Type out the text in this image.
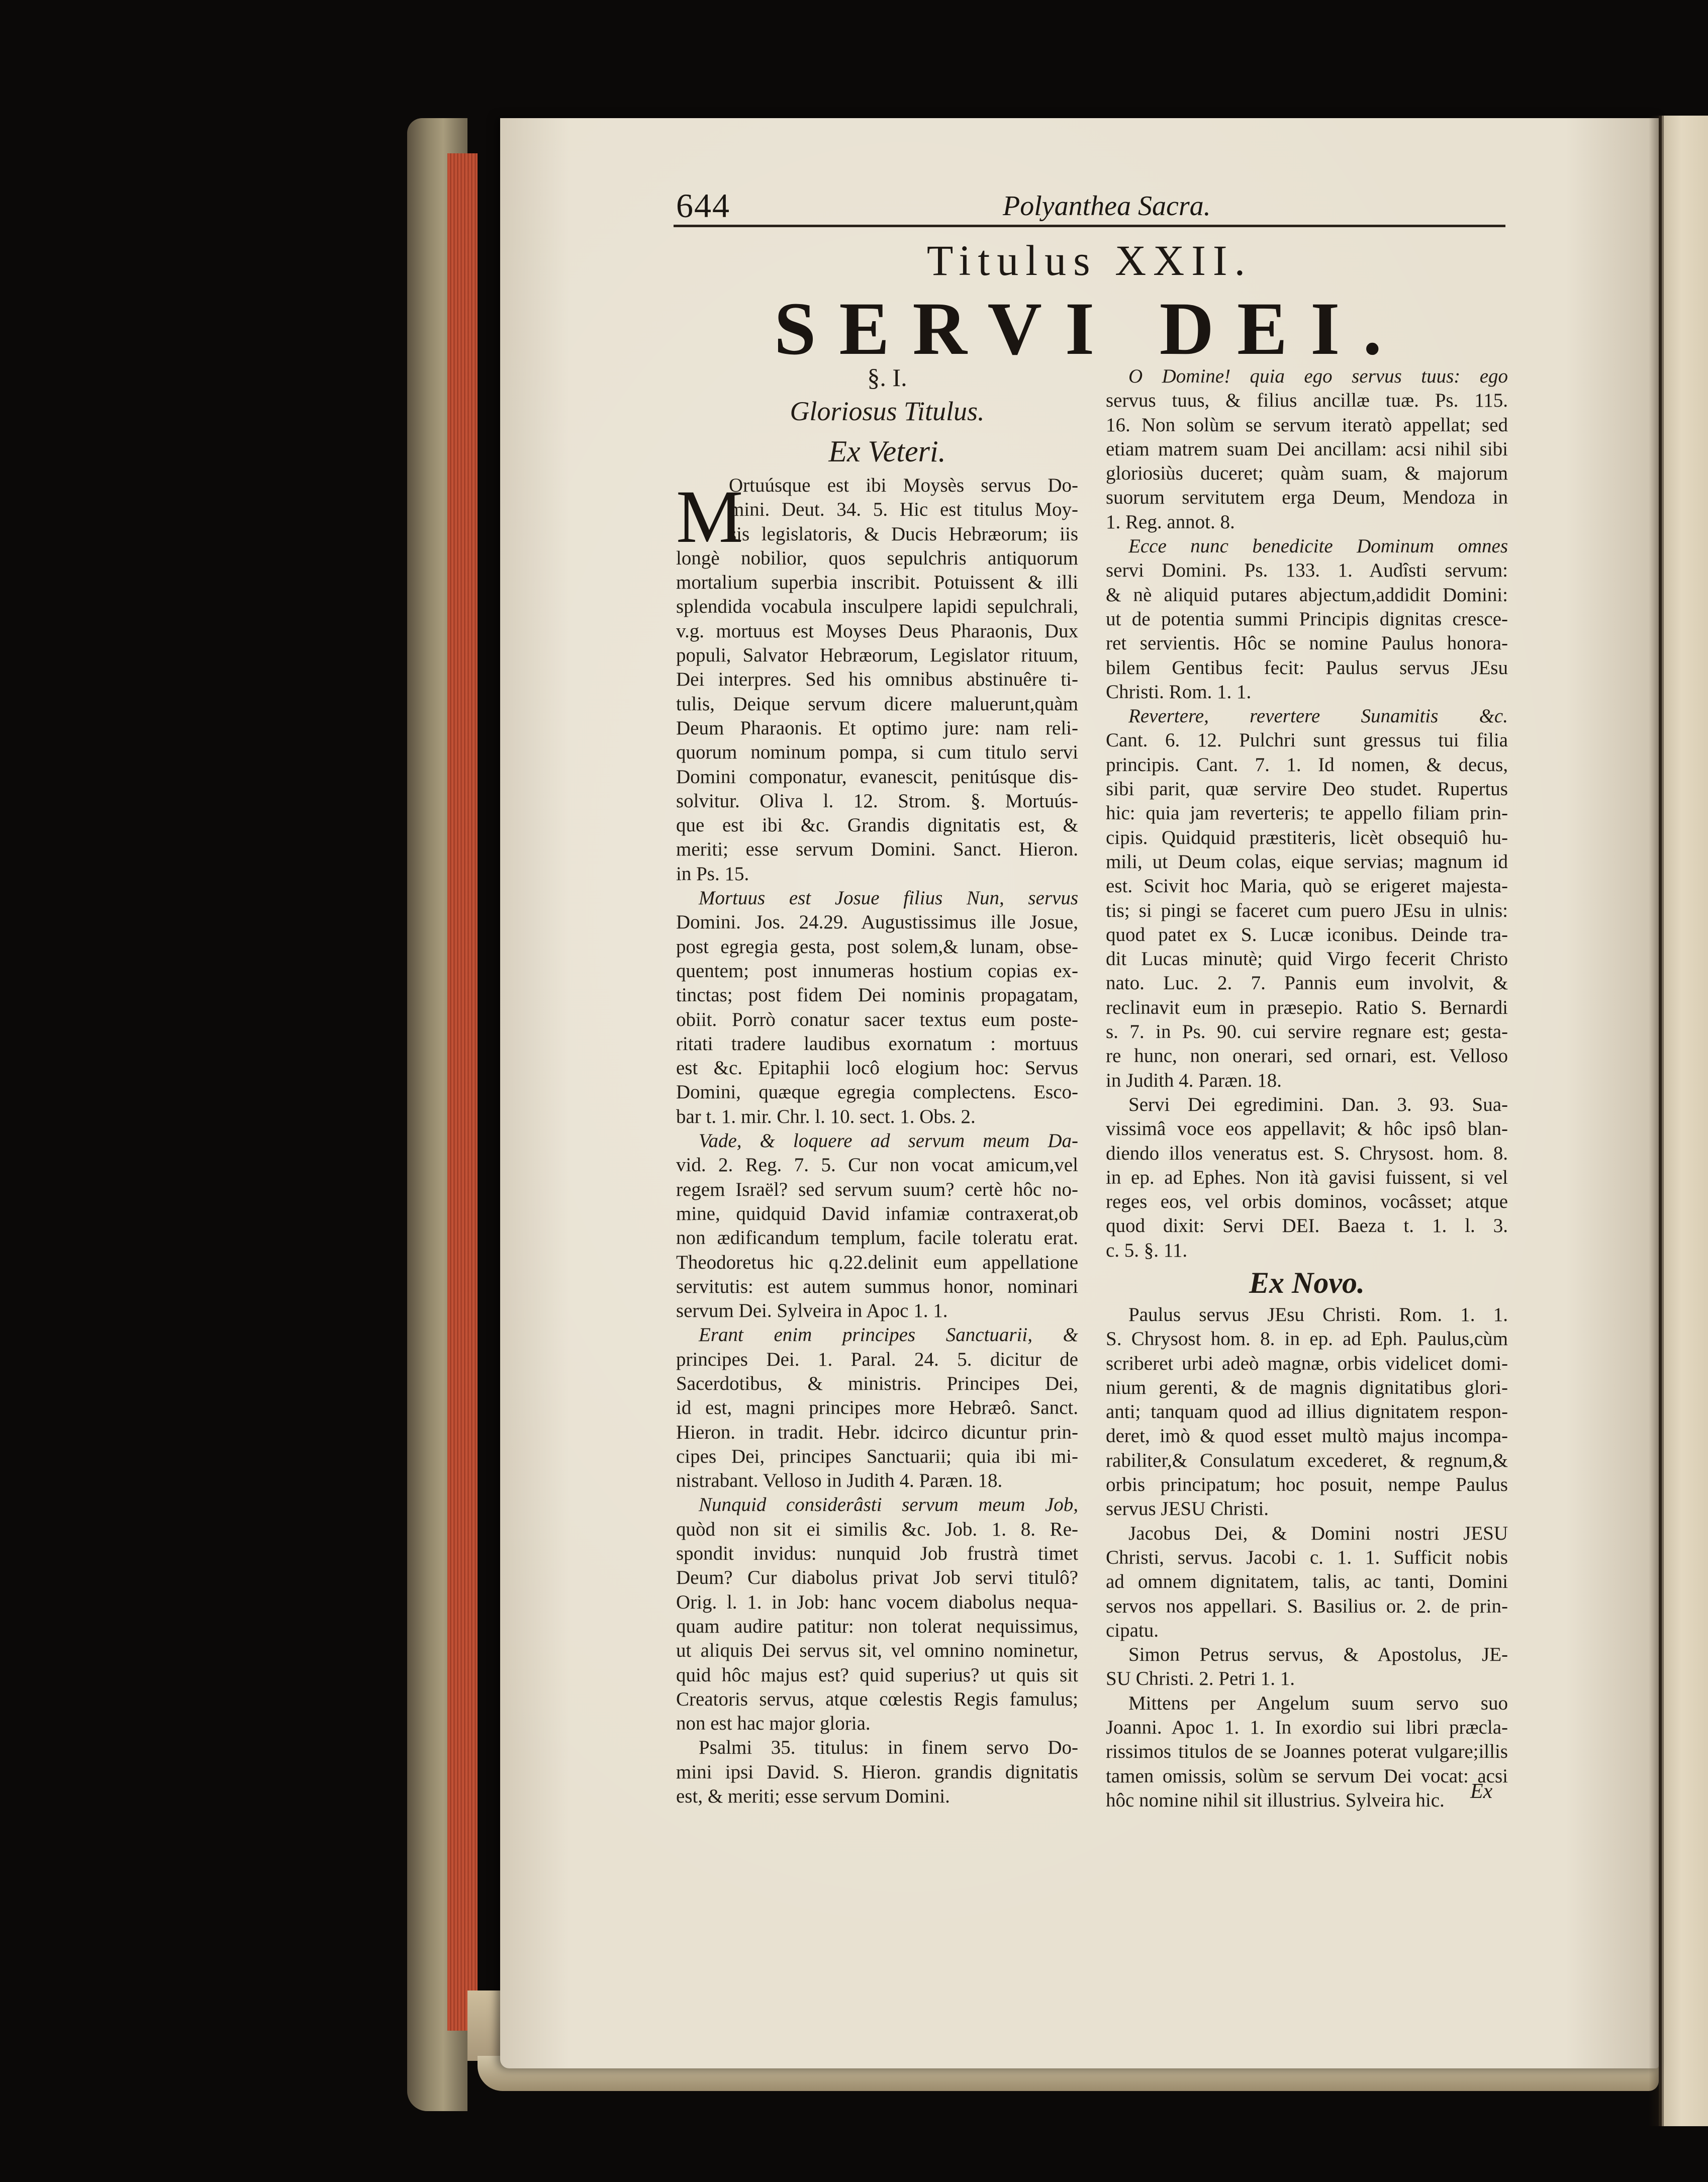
644	Polyanthea Sacra.
Titulus XXII.
SERVI DEI.
§. I.
Gloriosus Titulus.
Ex Veteri.
M
Ortuúsque est ibi Moysès servus Do-
mini. Deut. 34. 5. Hic est titulus Moy-
sis legislatoris, & Ducis Hebræorum; iis
longè nobilior, quos sepulchris antiquorum
mortalium superbia inscribit. Potuissent & illi
splendida vocabula insculpere lapidi sepulchrali,
v.g. mortuus est Moyses Deus Pharaonis, Dux
populi, Salvator Hebræorum, Legislator rituum,
Dei interpres. Sed his omnibus abstinuêre ti-
tulis, Deique servum dicere maluerunt,quàm
Deum Pharaonis. Et optimo jure: nam reli-
quorum nominum pompa, si cum titulo servi
Domini componatur, evanescit, penitúsque dis-
solvitur. Oliva l. 12. Strom. §. Mortuús-
que est ibi &c. Grandis dignitatis est, &
meriti; esse servum Domini. Sanct. Hieron.
in Ps. 15.
Mortuus est Josue filius Nun, servus
Domini. Jos. 24.29. Augustissimus ille Josue,
post egregia gesta, post solem,& lunam, obse-
quentem; post innumeras hostium copias ex-
tinctas; post fidem Dei nominis propagatam,
obiit. Porrò conatur sacer textus eum poste-
ritati tradere laudibus exornatum : mortuus
est &c. Epitaphii locô elogium hoc: Servus
Domini, quæque egregia complectens. Esco-
bar t. 1. mir. Chr. l. 10. sect. 1. Obs. 2.
Vade, & loquere ad servum meum Da-
vid. 2. Reg. 7. 5. Cur non vocat amicum,vel
regem Israël? sed servum suum? certè hôc no-
mine, quidquid David infamiæ contraxerat,ob
non ædificandum templum, facile toleratu erat.
Theodoretus hic q.22.delinit eum appellatione
servitutis: est autem summus honor, nominari
servum Dei. Sylveira in Apoc 1. 1.
Erant enim principes Sanctuarii, &
principes Dei. 1. Paral. 24. 5. dicitur de
Sacerdotibus, & ministris. Principes Dei,
id est, magni principes more Hebræô. Sanct.
Hieron. in tradit. Hebr. idcirco dicuntur prin-
cipes Dei, principes Sanctuarii; quia ibi mi-
nistrabant. Velloso in Judith 4. Paræn. 18.
Nunquid considerâsti servum meum Job,
quòd non sit ei similis &c. Job. 1. 8. Re-
spondit invidus: nunquid Job frustrà timet
Deum? Cur diabolus privat Job servi titulô?
Orig. l. 1. in Job: hanc vocem diabolus nequa-
quam audire patitur: non tolerat nequissimus,
ut aliquis Dei servus sit, vel omnino nominetur,
quid hôc majus est? quid superius? ut quis sit
Creatoris servus, atque cœlestis Regis famulus;
non est hac major gloria.
Psalmi 35. titulus: in finem servo Do-
mini ipsi David. S. Hieron. grandis dignitatis
est, & meriti; esse servum Domini.
O Domine! quia ego servus tuus: ego
servus tuus, & filius ancillæ tuæ. Ps. 115.
16. Non solùm se servum iteratò appellat; sed
etiam matrem suam Dei ancillam: acsi nihil sibi
gloriosiùs duceret; quàm suam, & majorum
suorum servitutem erga Deum, Mendoza in
1. Reg. annot. 8.
Ecce nunc benedicite Dominum omnes
servi Domini. Ps. 133. 1. Audîsti servum:
& nè aliquid putares abjectum,addidit Domini:
ut de potentia summi Principis dignitas cresce-
ret servientis. Hôc se nomine Paulus honora-
bilem Gentibus fecit: Paulus servus JEsu
Christi. Rom. 1. 1.
Revertere, revertere Sunamitis &c.
Cant. 6. 12. Pulchri sunt gressus tui filia
principis. Cant. 7. 1. Id nomen, & decus,
sibi parit, quæ servire Deo studet. Rupertus
hic: quia jam reverteris; te appello filiam prin-
cipis. Quidquid præstiteris, licèt obsequiô hu-
mili, ut Deum colas, eique servias; magnum id
est. Scivit hoc Maria, quò se erigeret majesta-
tis; si pingi se faceret cum puero JEsu in ulnis:
quod patet ex S. Lucæ iconibus. Deinde tra-
dit Lucas minutè; quid Virgo fecerit Christo
nato. Luc. 2. 7. Pannis eum involvit, &
reclinavit eum in præsepio. Ratio S. Bernardi
s. 7. in Ps. 90. cui servire regnare est; gesta-
re hunc, non onerari, sed ornari, est. Velloso
in Judith 4. Paræn. 18.
Servi Dei egredimini. Dan. 3. 93. Sua-
vissimâ voce eos appellavit; & hôc ipsô blan-
diendo illos veneratus est. S. Chrysost. hom. 8.
in ep. ad Ephes. Non ità gavisi fuissent, si vel
reges eos, vel orbis dominos, vocâsset; atque
quod dixit: Servi DEI. Baeza t. 1. l. 3.
c. 5. §. 11.
Ex Novo.
Paulus servus JEsu Christi. Rom. 1. 1.
S. Chrysost hom. 8. in ep. ad Eph. Paulus,cùm
scriberet urbi adeò magnæ, orbis videlicet domi-
nium gerenti, & de magnis dignitatibus glori-
anti; tanquam quod ad illius dignitatem respon-
deret, imò & quod esset multò majus incompa-
rabiliter,& Consulatum excederet, & regnum,&
orbis principatum; hoc posuit, nempe Paulus
servus JESU Christi.
Jacobus Dei, & Domini nostri JESU
Christi, servus. Jacobi c. 1. 1. Sufficit nobis
ad omnem dignitatem, talis, ac tanti, Domini
servos nos appellari. S. Basilius or. 2. de prin-
cipatu.
Simon Petrus servus, & Apostolus, JE-
SU Christi. 2. Petri 1. 1.
Mittens per Angelum suum servo suo
Joanni. Apoc 1. 1. In exordio sui libri præcla-
rissimos titulos de se Joannes poterat vulgare;illis
tamen omissis, solùm se servum Dei vocat: acsi
hôc nomine nihil sit illustrius. Sylveira hic.	Ex
